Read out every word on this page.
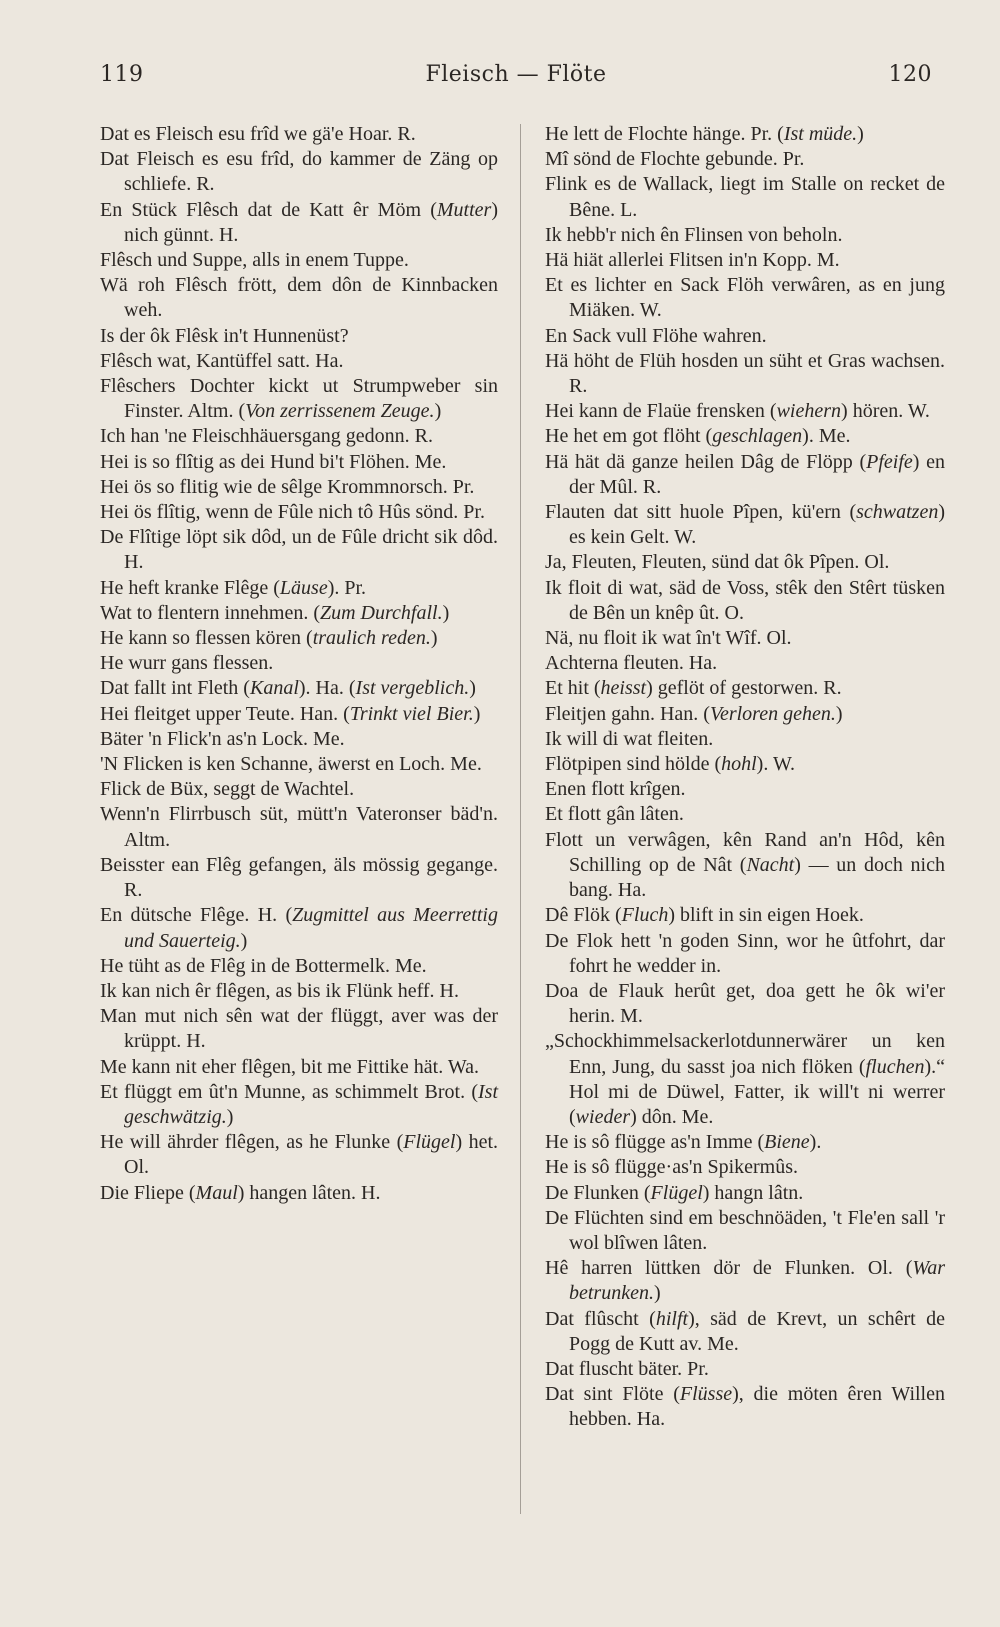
119	Fleisch — Flöte	120

Dat es Fleisch esu frîd we gä'e Hoar. R.

Dat Fleisch es esu frîd, do kammer de Zäng op schliefe. R.

En Stück Flêsch dat de Katt êr Möm (Mutter) nich günnt. H.

Flêsch und Suppe, alls in enem Tuppe.

Wä roh Flêsch frött, dem dôn de Kinnbacken weh.

Is der ôk Flêsk in't Hunnenüst?

Flêsch wat, Kantüffel satt. Ha.

Flêschers Dochter kickt ut Strumpweber sin Finster. Altm. (Von zerrissenem Zeuge.)

Ich han 'ne Fleischhäuersgang gedonn. R.

Hei is so flîtig as dei Hund bi't Flöhen. Me.

Hei ös so flitig wie de sêlge Krommnorsch. Pr.

Hei ös flîtig, wenn de Fûle nich tô Hûs sönd. Pr.

De Flîtige löpt sik dôd, un de Fûle dricht sik dôd. H.

He heft kranke Flêge (Läuse). Pr.

Wat to flentern innehmen. (Zum Durchfall.)

He kann so flessen kören (traulich reden.)

He wurr gans flessen.

Dat fallt int Fleth (Kanal). Ha. (Ist vergeblich.)

Hei fleitget upper Teute. Han. (Trinkt viel Bier.)

Bäter 'n Flick'n as'n Lock. Me.

'N Flicken is ken Schanne, äwerst en Loch. Me.

Flick de Büx, seggt de Wachtel.

Wenn'n Flirrbusch süt, mütt'n Vateronser bäd'n. Altm.

Beisster ean Flêg gefangen, äls mössig gegange. R.

En dütsche Flêge. H. (Zugmittel aus Meerrettig und Sauerteig.)

He tüht as de Flêg in de Bottermelk. Me.

Ik kan nich êr flêgen, as bis ik Flünk heff. H.

Man mut nich sên wat der flüggt, aver was der krüppt. H.

Me kann nit eher flêgen, bit me Fittike hät. Wa.

Et flüggt em ût'n Munne, as schimmelt Brot. (Ist geschwätzig.)

He will ährder flêgen, as he Flunke (Flügel) het. Ol.

Die Fliepe (Maul) hangen lâten. H.

He lett de Flochte hänge. Pr. (Ist müde.)

Mî sönd de Flochte gebunde. Pr.

Flink es de Wallack, liegt im Stalle on recket de Bêne. L.

Ik hebb'r nich ên Flinsen von beholn.

Hä hiät allerlei Flitsen in'n Kopp. M.

Et es lichter en Sack Flöh verwâren, as en jung Miäken. W.

En Sack vull Flöhe wahren.

Hä höht de Flüh hosden un süht et Gras wachsen. R.

Hei kann de Flaüe frensken (wiehern) hören. W.

He het em got flöht (geschlagen). Me.

Hä hät dä ganze heilen Dâg de Flöpp (Pfeife) en der Mûl. R.

Flauten dat sitt huole Pîpen, kü'ern (schwatzen) es kein Gelt. W.

Ja, Fleuten, Fleuten, sünd dat ôk Pîpen. Ol.

Ik floit di wat, säd de Voss, stêk den Stêrt tüsken de Bên un knêp ût. O.

Nä, nu floit ik wat în't Wîf. Ol.

Achterna fleuten. Ha.

Et hit (heisst) geflöt of gestorwen. R.

Fleitjen gahn. Han. (Verloren gehen.)

Ik will di wat fleiten.

Flötpipen sind hölde (hohl). W.

Enen flott krîgen.

Et flott gân lâten.

Flott un verwâgen, kên Rand an'n Hôd, kên Schilling op de Nât (Nacht) — un doch nich bang. Ha.

Dê Flök (Fluch) blift in sin eigen Hoek.

De Flok hett 'n goden Sinn, wor he ûtfohrt, dar fohrt he wedder in.

Doa de Flauk herût get, doa gett he ôk wi'er herin. M.

„Schockhimmelsackerlotdunnerwärer un ken Enn, Jung, du sasst joa nich flöken (fluchen).“ Hol mi de Düwel, Fatter, ik will't ni werrer (wieder) dôn. Me.

He is sô flügge as'n Imme (Biene).

He is sô flügge·as'n Spikermûs.

De Flunken (Flügel) hangn lâtn.

De Flüchten sind em beschnöäden, 't Fle'en sall 'r wol blîwen lâten.

Hê harren lüttken dör de Flunken. Ol. (War betrunken.)

Dat flûscht (hilft), säd de Krevt, un schêrt de Pogg de Kutt av. Me.

Dat fluscht bäter. Pr.

Dat sint Flöte (Flüsse), die möten êren Willen hebben. Ha.
